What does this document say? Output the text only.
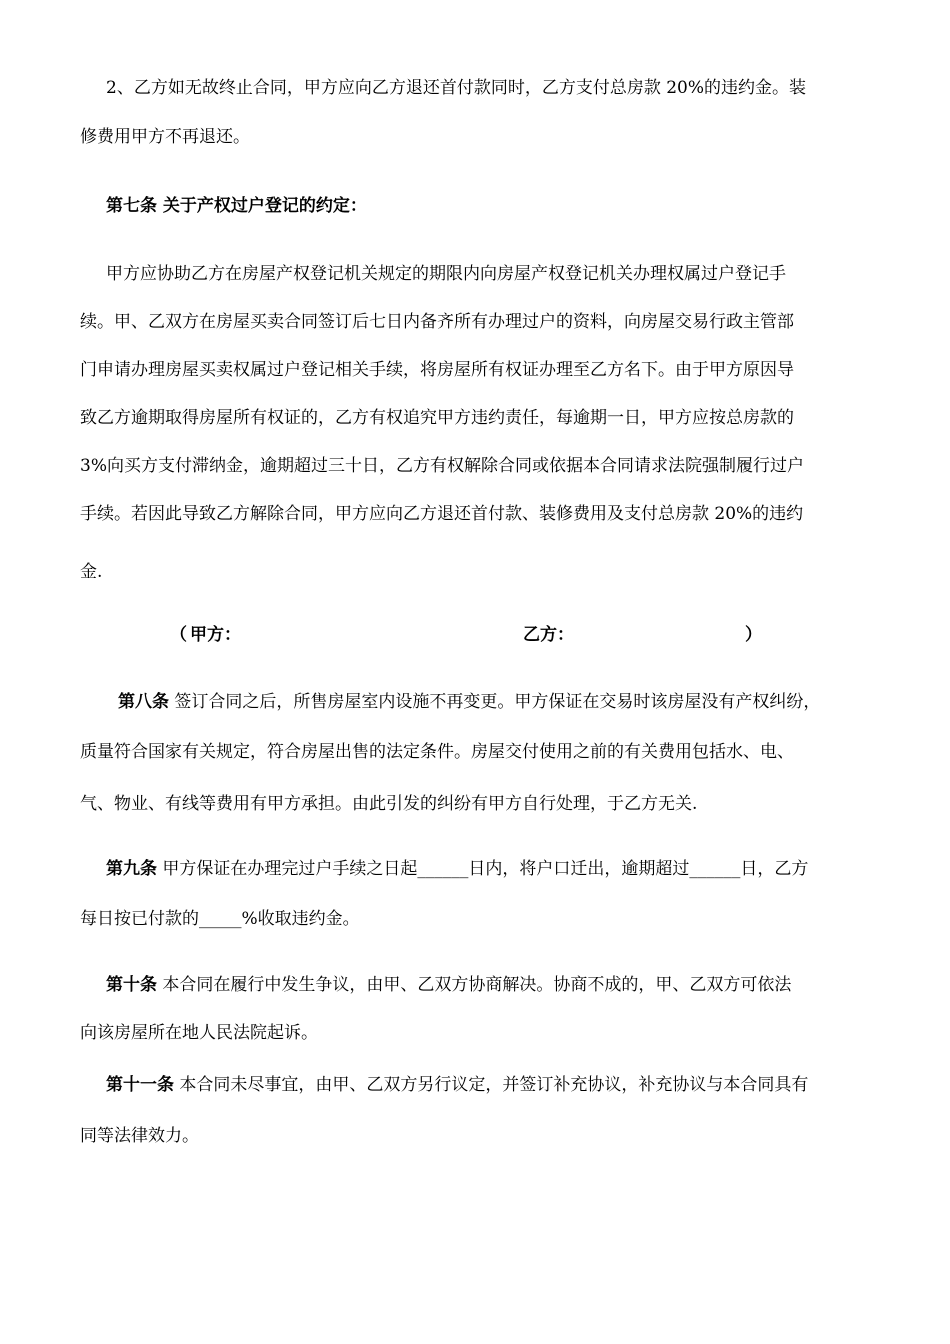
2、乙方如无故终止合同，甲方应向乙方退还首付款同时，乙方支付总房款 20%的违约金。装
修费用甲方不再退还。
第七条 关于产权过户登记的约定：
甲方应协助乙方在房屋产权登记机关规定的期限内向房屋产权登记机关办理权属过户登记手
续。甲、乙双方在房屋买卖合同签订后七日内备齐所有办理过户的资料，向房屋交易行政主管部
门申请办理房屋买卖权属过户登记相关手续，将房屋所有权证办理至乙方名下。由于甲方原因导
致乙方逾期取得房屋所有权证的，乙方有权追究甲方违约责任，每逾期一日，甲方应按总房款的
3%向买方支付滞纳金，逾期超过三十日，乙方有权解除合同或依据本合同请求法院强制履行过户
手续。若因此导致乙方解除合同，甲方应向乙方退还首付款、装修费用及支付总房款 20%的违约
金.
（ 甲方：	乙方：	）
第八条 签订合同之后，所售房屋室内设施不再变更。甲方保证在交易时该房屋没有产权纠纷，
质量符合国家有关规定，符合房屋出售的法定条件。房屋交付使用之前的有关费用包括水、电、
气、物业、有线等费用有甲方承担。由此引发的纠纷有甲方自行处理，于乙方无关.
第九条 甲方保证在办理完过户手续之日起______日内，将户口迁出，逾期超过______日，乙方
每日按已付款的_____%收取违约金。
第十条 本合同在履行中发生争议，由甲、乙双方协商解决。协商不成的，甲、乙双方可依法
向该房屋所在地人民法院起诉。
第十一条 本合同未尽事宜，由甲、乙双方另行议定，并签订补充协议，补充协议与本合同具有
同等法律效力。
